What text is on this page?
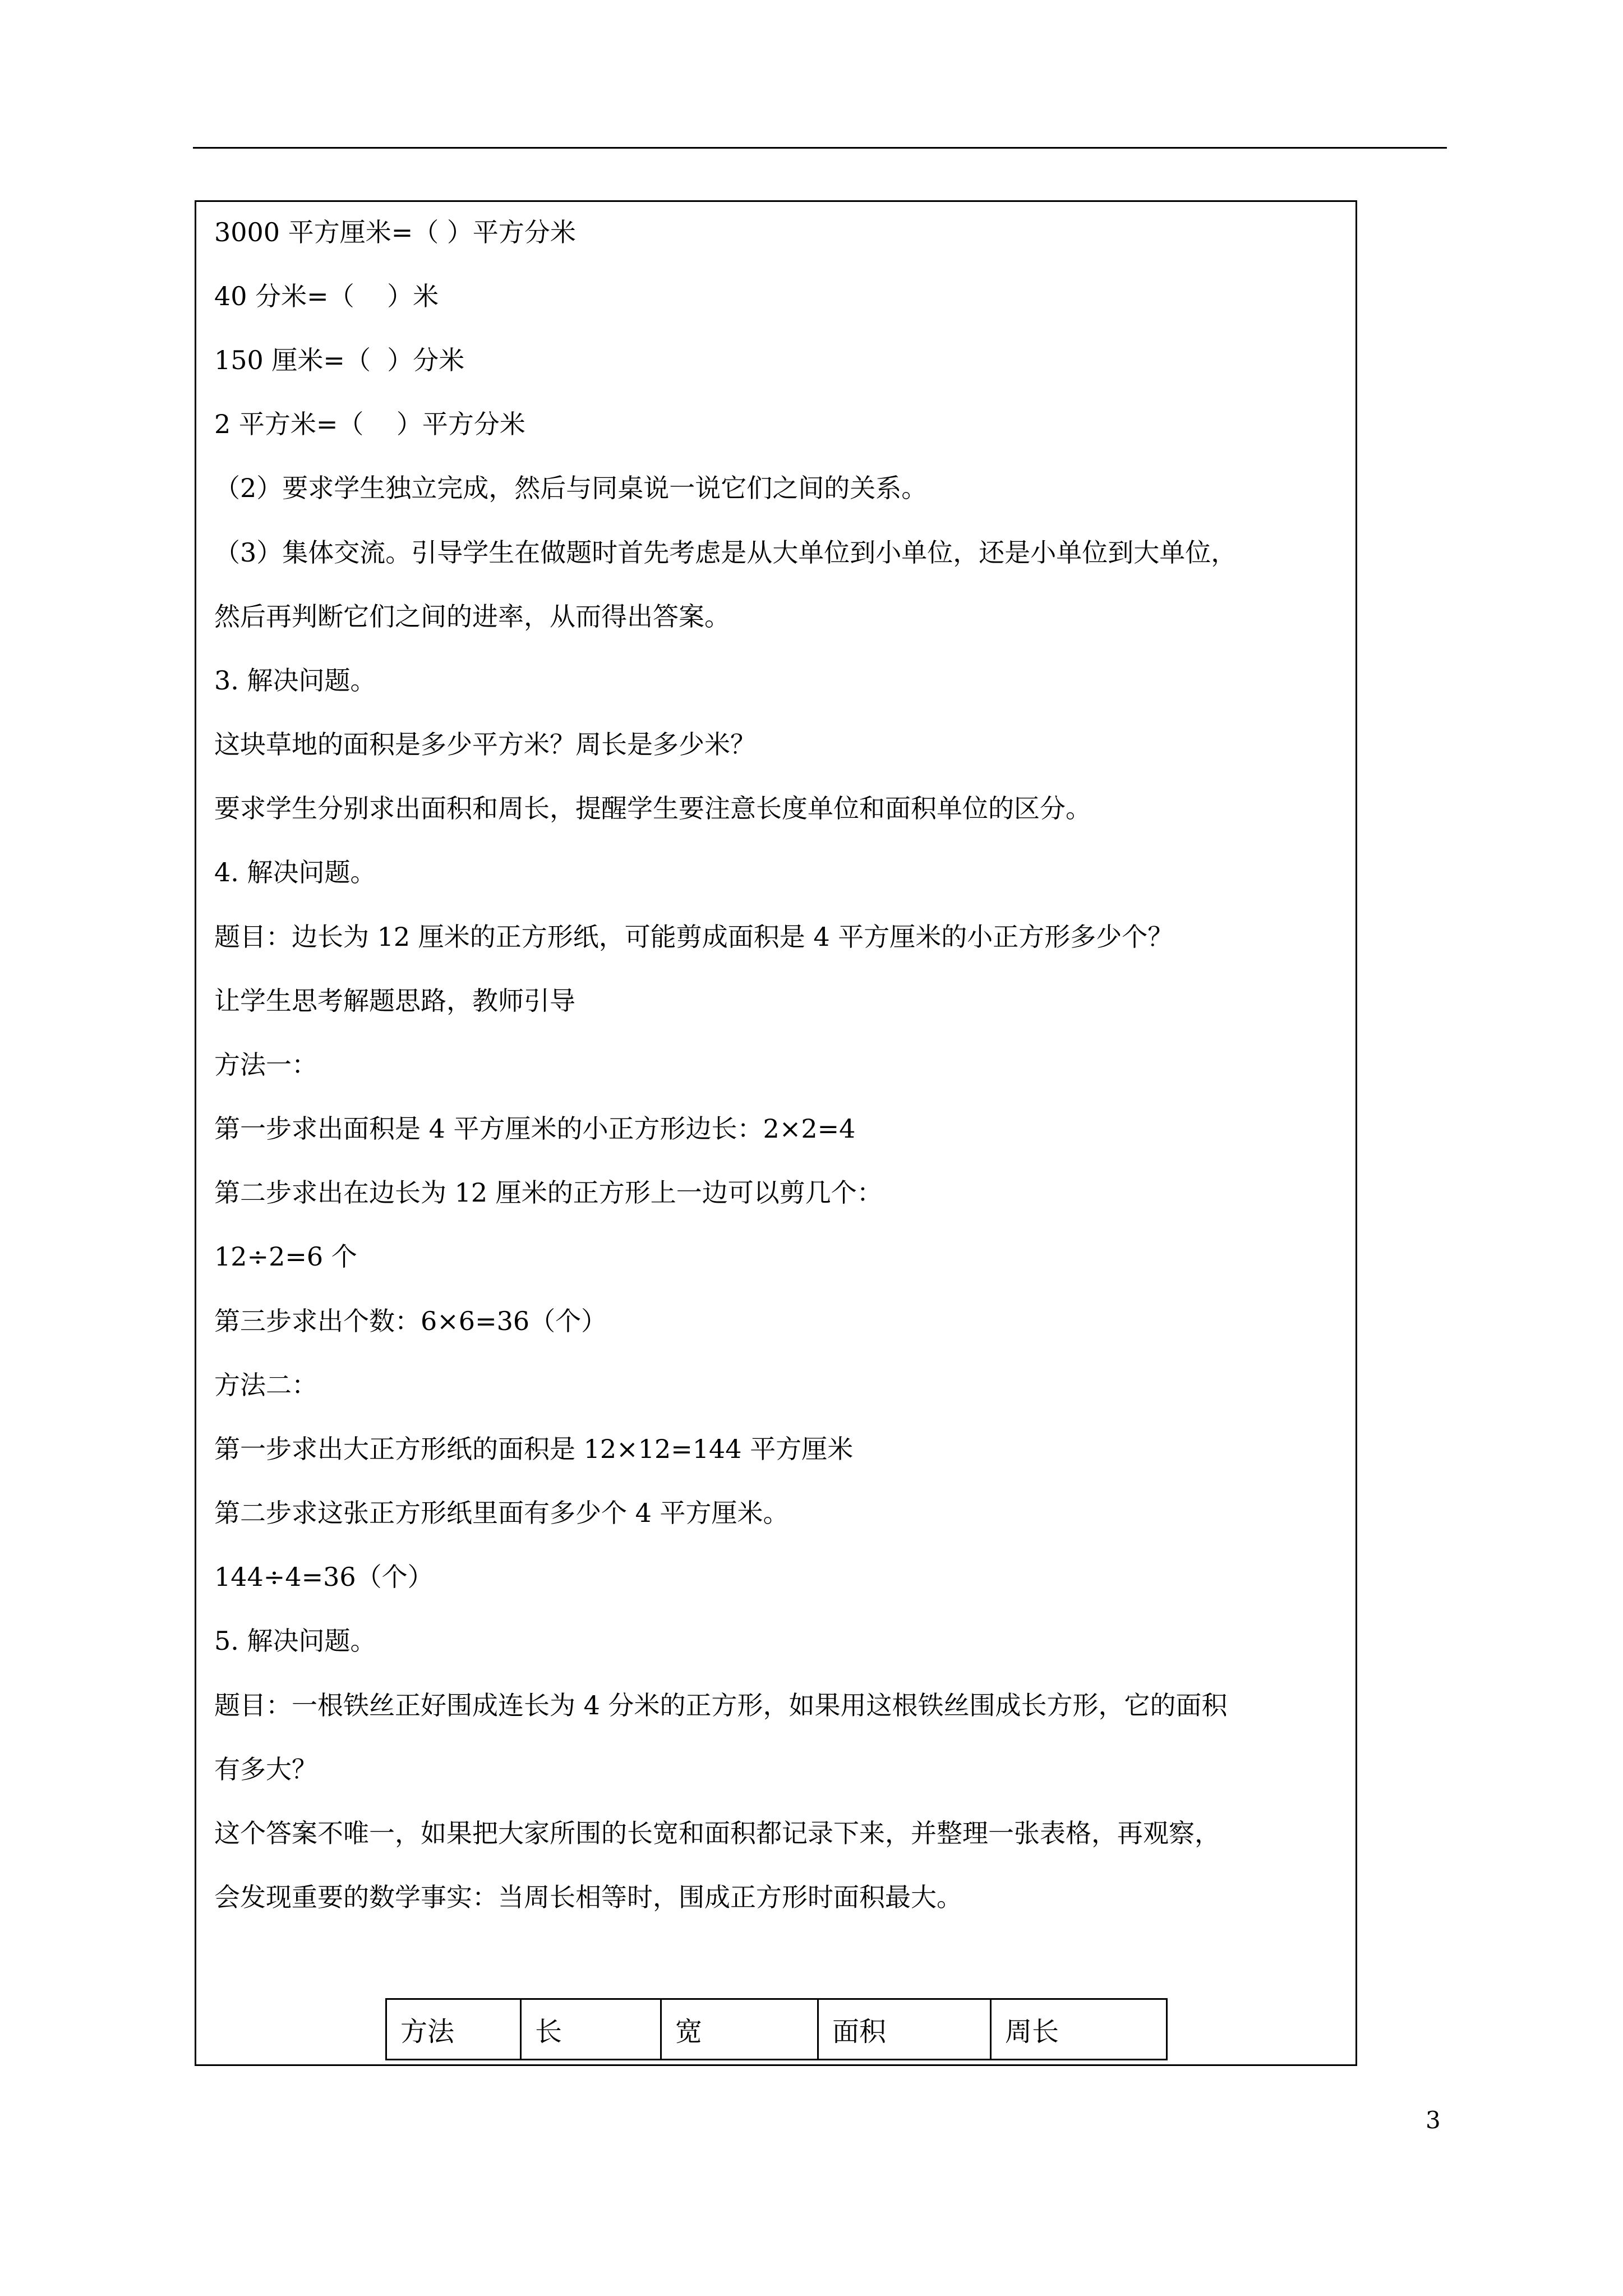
3000 平方厘米=（ ）平方分米
40 分米=（    ）米
150 厘米=（  ）分米
2 平方米=（    ）平方分米
（2）要求学生独立完成，然后与同桌说一说它们之间的关系。
（3）集体交流。引导学生在做题时首先考虑是从大单位到小单位，还是小单位到大单位，
然后再判断它们之间的进率，从而得出答案。
3. 解决问题。
这块草地的面积是多少平方米？周长是多少米？
要求学生分别求出面积和周长，提醒学生要注意长度单位和面积单位的区分。
4. 解决问题。
题目：边长为 12 厘米的正方形纸，可能剪成面积是 4 平方厘米的小正方形多少个？
让学生思考解题思路，教师引导
方法一：
第一步求出面积是 4 平方厘米的小正方形边长：2×2=4
第二步求出在边长为 12 厘米的正方形上一边可以剪几个：
12÷2=6 个
第三步求出个数：6×6=36（个）
方法二：
第一步求出大正方形纸的面积是 12×12=144 平方厘米
第二步求这张正方形纸里面有多少个 4 平方厘米。
144÷4=36（个）
5. 解决问题。
题目：一根铁丝正好围成连长为 4 分米的正方形，如果用这根铁丝围成长方形，它的面积
有多大？
这个答案不唯一，如果把大家所围的长宽和面积都记录下来，并整理一张表格，再观察，
会发现重要的数学事实：当周长相等时，围成正方形时面积最大。
方法	长	宽	面积	周长
3
